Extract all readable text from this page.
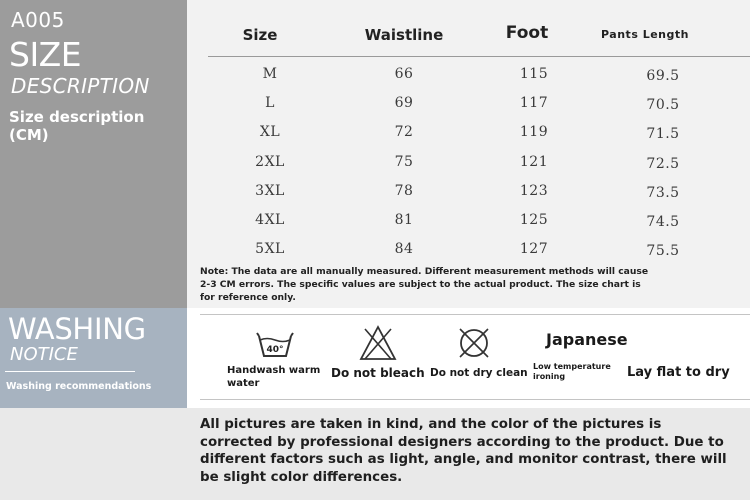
A005
SIZE
DESCRIPTION
Size description (CM)
Size	Waistline	Foot	Pants Length
M	66	115	69.5
L	69	117	70.5
XL	72	119	71.5
2XL	75	121	72.5
3XL	78	123	73.5
4XL	81	125	74.5
5XL	84	127	75.5
Note: The data are all manually measured. Different measurement methods will cause 2-3 CM errors. The specific values are subject to the actual product. The size chart is for reference only.
WASHING
NOTICE
Washing recommendations
40°
Handwash warm water
Do not bleach Do not dry clean
Japanese
Low temperature ironing	Lay flat to dry
All pictures are taken in kind, and the color of the pictures is corrected by professional designers according to the product. Due to different factors such as light, angle, and monitor contrast, there will be slight color differences.
